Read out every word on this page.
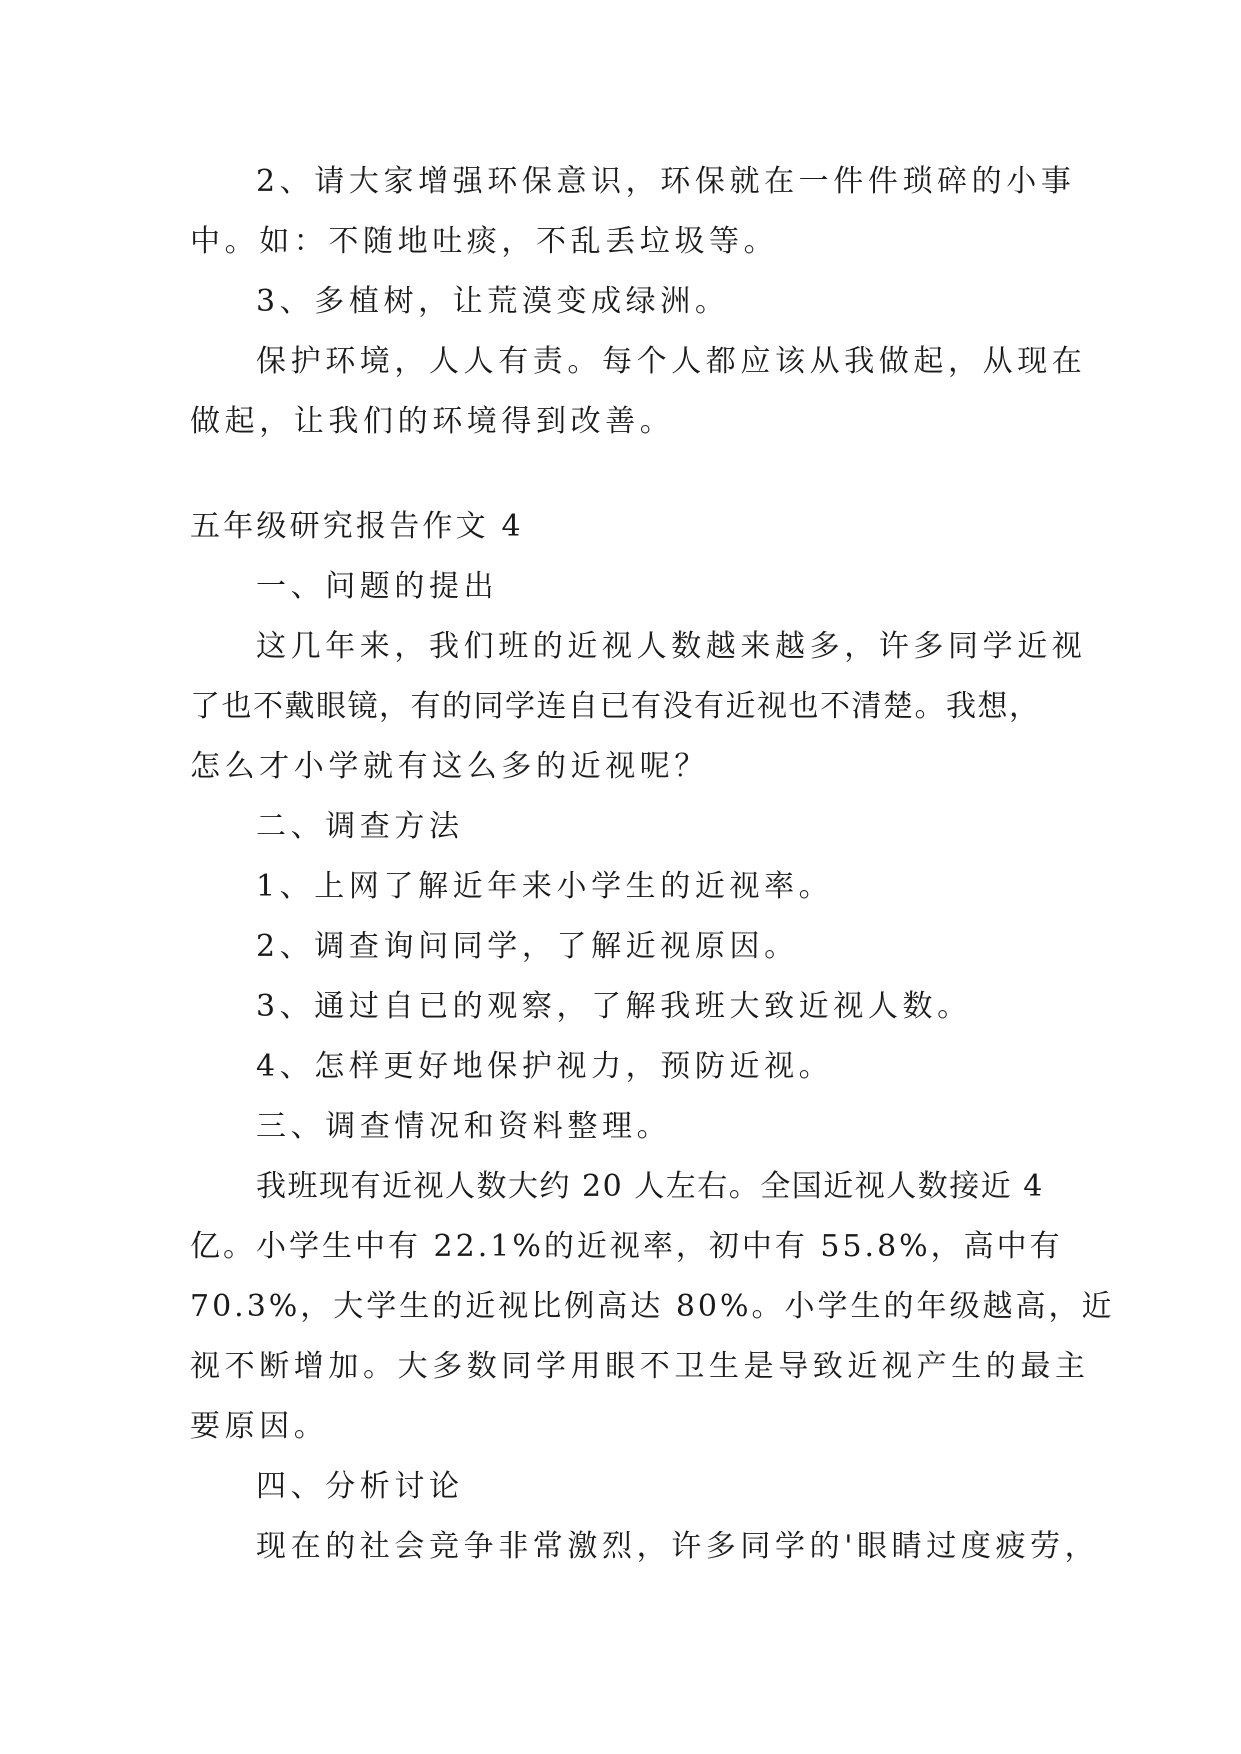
2、请大家增强环保意识，环保就在一件件琐碎的小事
中。如：不随地吐痰，不乱丢垃圾等。
3、多植树，让荒漠变成绿洲。
保护环境，人人有责。每个人都应该从我做起，从现在
做起，让我们的环境得到改善。
五年级研究报告作文 4
一、问题的提出
这几年来，我们班的近视人数越来越多，许多同学近视
了也不戴眼镜，有的同学连自已有没有近视也不清楚。我想，
怎么才小学就有这么多的近视呢？
二、调查方法
1、上网了解近年来小学生的近视率。
2、调查询问同学，了解近视原因。
3、通过自已的观察，了解我班大致近视人数。
4、怎样更好地保护视力，预防近视。
三、调查情况和资料整理。
我班现有近视人数大约 20 人左右。全国近视人数接近 4
亿。小学生中有 22.1%的近视率，初中有 55.8%，高中有
70.3%，大学生的近视比例高达 80%。小学生的年级越高，近
视不断增加。大多数同学用眼不卫生是导致近视产生的最主
要原因。
四、分析讨论
现在的社会竞争非常激烈，许多同学的'眼睛过度疲劳，
